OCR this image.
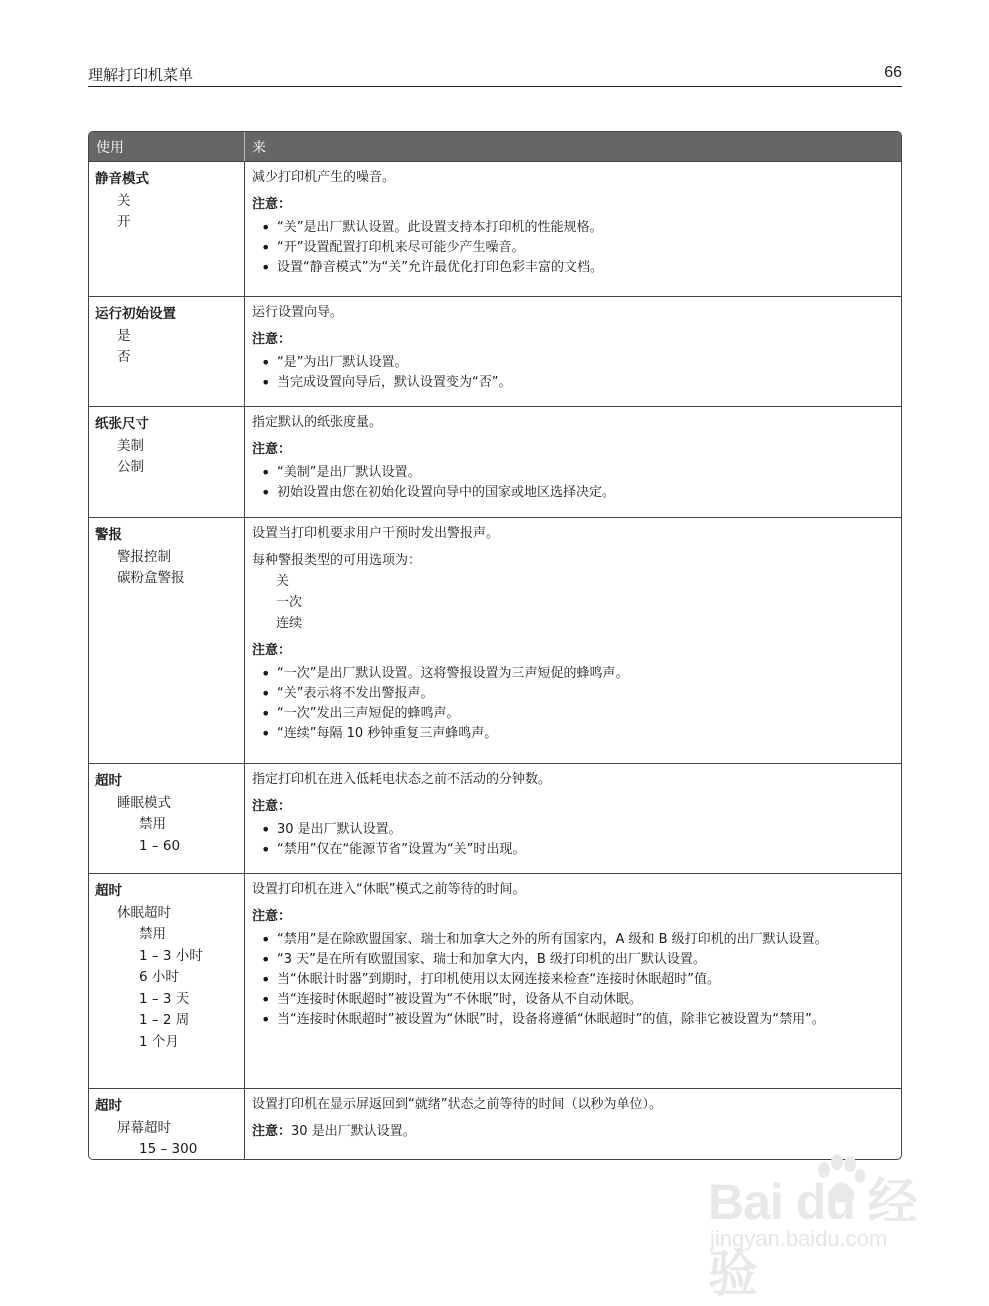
理解打印机菜单	66
使用	来
静音模式
关
开
减少打印机产生的噪音。
注意：
• “关”是出厂默认设置。此设置支持本打印机的性能规格。
• “开”设置配置打印机来尽可能少产生噪音。
• 设置“静音模式”为“关”允许最优化打印色彩丰富的文档。
运行初始设置
是
否
运行设置向导。
注意：
• “是”为出厂默认设置。
• 当完成设置向导后，默认设置变为“否”。
纸张尺寸
美制
公制
指定默认的纸张度量。
注意：
• “美制”是出厂默认设置。
• 初始设置由您在初始化设置向导中的国家或地区选择决定。
警报
警报控制
碳粉盒警报
设置当打印机要求用户干预时发出警报声。
每种警报类型的可用选项为：
关
一次
连续
注意：
• “一次”是出厂默认设置。这将警报设置为三声短促的蜂鸣声。
• “关”表示将不发出警报声。
• “一次”发出三声短促的蜂鸣声。
• “连续”每隔 10 秒钟重复三声蜂鸣声。
超时
睡眠模式
禁用
1 – 60
指定打印机在进入低耗电状态之前不活动的分钟数。
注意：
• 30 是出厂默认设置。
• “禁用”仅在“能源节省”设置为“关”时出现。
超时
休眠超时
禁用
1 – 3 小时
6 小时
1 – 3 天
1 – 2 周
1 个月
设置打印机在进入“休眠”模式之前等待的时间。
注意：
• “禁用”是在除欧盟国家、瑞士和加拿大之外的所有国家内，A 级和 B 级打印机的出厂默认设置。
• “3 天”是在所有欧盟国家、瑞士和加拿大内，B 级打印机的出厂默认设置。
• 当“休眠计时器”到期时，打印机使用以太网连接来检查“连接时休眠超时”值。
• 当“连接时休眠超时”被设置为“不休眠”时，设备从不自动休眠。
• 当“连接时休眠超时”被设置为“休眠”时，设备将遵循“休眠超时”的值，除非它被设置为“禁用”。
超时
屏幕超时
15 – 300
设置打印机在显示屏返回到“就绪”状态之前等待的时间（以秒为单位）。
注意：30 是出厂默认设置。
Bai du 经验
jingyan.baidu.com
